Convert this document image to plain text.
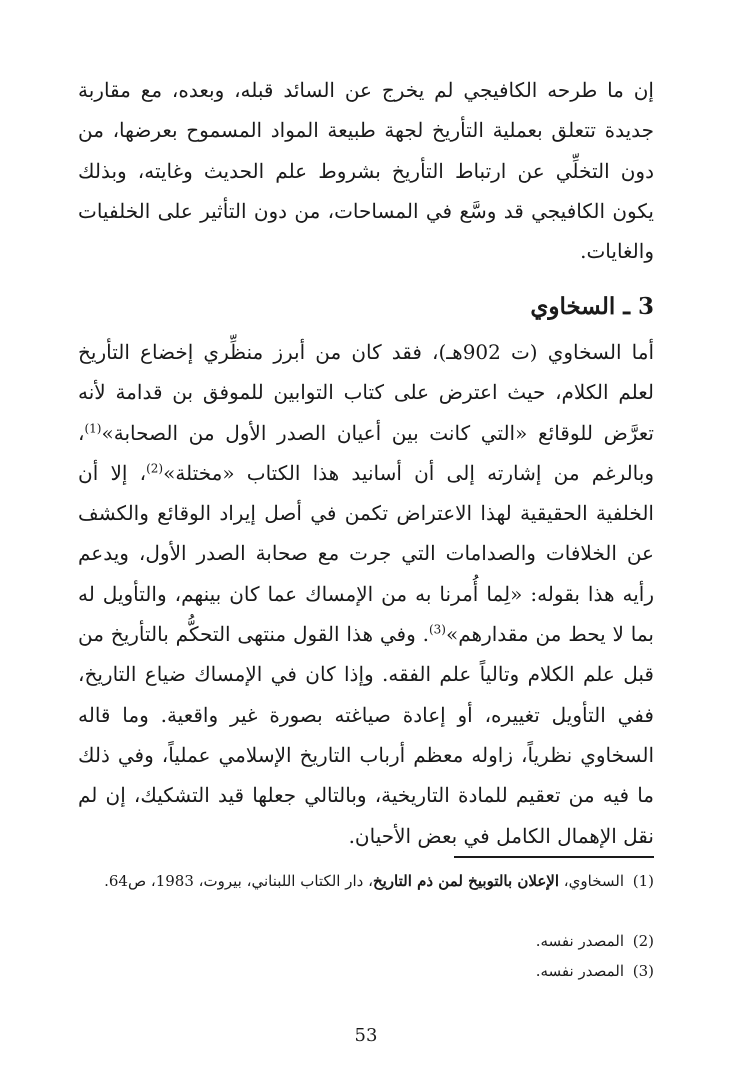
إن ما طرحه الكافيجي لم يخرج عن السائد قبله، وبعده، مع مقاربة جديدة تتعلق بعملية التأريخ لجهة طبيعة المواد المسموح بعرضها، من دون التخلِّي عن ارتباط التأريخ بشروط علم الحديث وغايته، وبذلك يكون الكافيجي قد وسَّع في المساحات، من دون التأثير على الخلفيات والغايات.

3 ـ السخاوي

أما السخاوي (ت 902هـ)، فقد كان من أبرز منظِّري إخضاع التأريخ لعلم الكلام، حيث اعترض على كتاب التوابين للموفق بن قدامة لأنه تعرَّض للوقائع «التي كانت بين أعيان الصدر الأول من الصحابة»$^{(1)}$، وبالرغم من إشارته إلى أن أسانيد هذا الكتاب «مختلة»$^{(2)}$، إلا أن الخلفية الحقيقية لهذا الاعتراض تكمن في أصل إيراد الوقائع والكشف عن الخلافات والصدامات التي جرت مع صحابة الصدر الأول، ويدعم رأيه هذا بقوله: «لِما أُمرنا به من الإمساك عما كان بينهم، والتأويل له بما لا يحط من مقدارهم»$^{(3)}$. وفي هذا القول منتهى التحكُّم بالتأريخ من قبل علم الكلام وتالياً علم الفقه. وإذا كان في الإمساك ضياع التاريخ، ففي التأويل تغييره، أو إعادة صياغته بصورة غير واقعية. وما قاله السخاوي نظرياً، زاوله معظم أرباب التاريخ الإسلامي عملياً، وفي ذلك ما فيه من تعقيم للمادة التاريخية، وبالتالي جعلها قيد التشكيك، إن لم نقل الإهمال الكامل في بعض الأحيان.

(1)السخاوي، الإعلان بالتوبيخ لمن ذم التاريخ، دار الكتاب اللبناني، بيروت، 1983، ص64.
(2)المصدر نفسه.
(3)المصدر نفسه.
53
